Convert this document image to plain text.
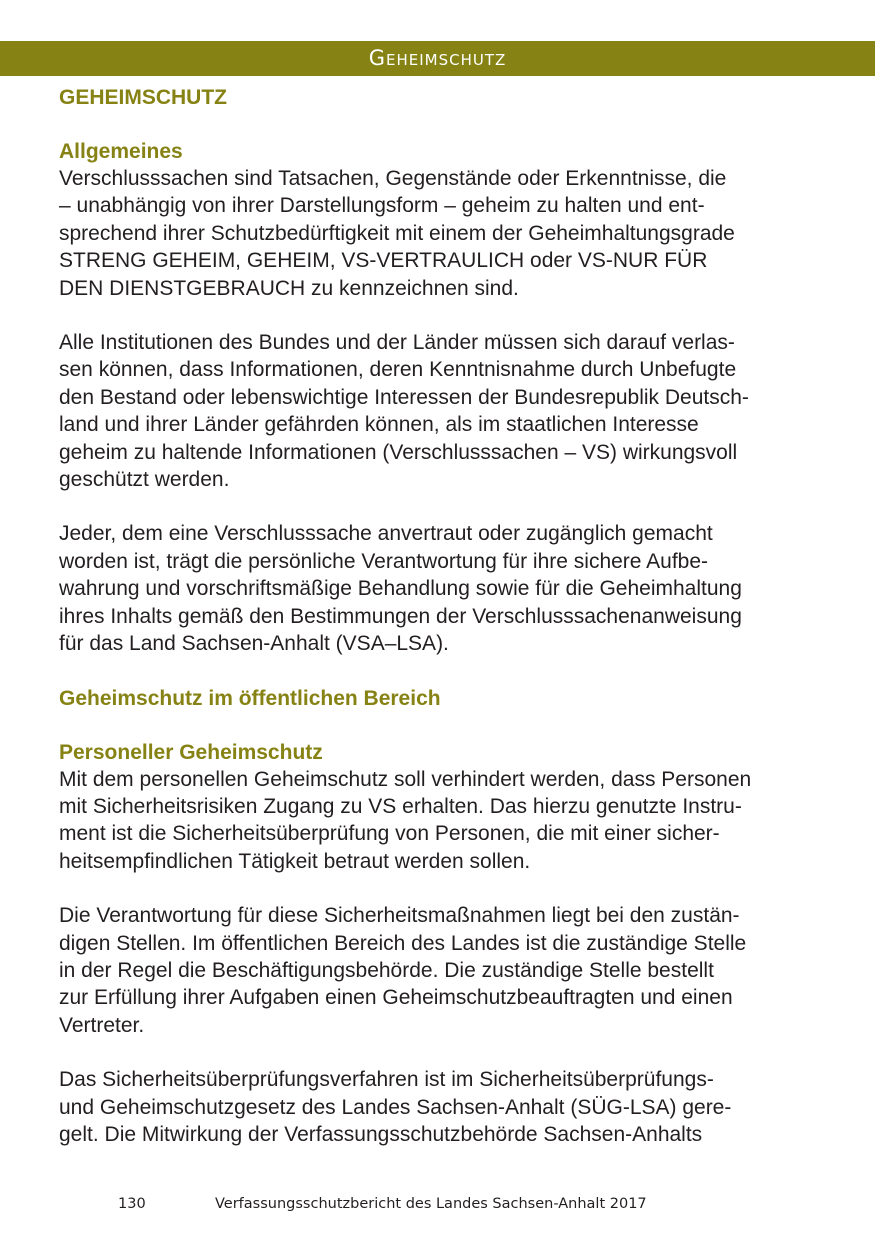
Geheimschutz
GEHEIMSCHUTZ
Allgemeines

Verschlusssachen sind Tatsachen, Gegenstände oder Erkenntnisse, die
– unabhängig von ihrer Darstellungsform – geheim zu halten und ent-
sprechend ihrer Schutzbedürftigkeit mit einem der Geheimhaltungsgrade
STRENG GEHEIM, GEHEIM, VS-VERTRAULICH oder VS-NUR FÜR
DEN DIENSTGEBRAUCH zu kennzeichnen sind.

Alle Institutionen des Bundes und der Länder müssen sich darauf verlas-
sen können, dass Informationen, deren Kenntnisnahme durch Unbefugte
den Bestand oder lebenswichtige Interessen der Bundesrepublik Deutsch-
land und ihrer Länder gefährden können, als im staatlichen Interesse
geheim zu haltende Informationen (Verschlusssachen – VS) wirkungsvoll
geschützt werden.

Jeder, dem eine Verschlusssache anvertraut oder zugänglich gemacht
worden ist, trägt die persönliche Verantwortung für ihre sichere Aufbe-
wahrung und vorschriftsmäßige Behandlung sowie für die Geheimhaltung
ihres Inhalts gemäß den Bestimmungen der Verschlusssachenanweisung
für das Land Sachsen-Anhalt (VSA–LSA).

Geheimschutz im öffentlichen Bereich
Personeller Geheimschutz

Mit dem personellen Geheimschutz soll verhindert werden, dass Personen
mit Sicherheitsrisiken Zugang zu VS erhalten. Das hierzu genutzte Instru-
ment ist die Sicherheitsüberprüfung von Personen, die mit einer sicher-
heitsempfindlichen Tätigkeit betraut werden sollen.

Die Verantwortung für diese Sicherheitsmaßnahmen liegt bei den zustän-
digen Stellen. Im öffentlichen Bereich des Landes ist die zuständige Stelle
in der Regel die Beschäftigungsbehörde. Die zuständige Stelle bestellt
zur Erfüllung ihrer Aufgaben einen Geheimschutzbeauftragten und einen
Vertreter.

Das Sicherheitsüberprüfungsverfahren ist im Sicherheitsüberprüfungs-
und Geheimschutzgesetz des Landes Sachsen-Anhalt (SÜG-LSA) gere-
gelt. Die Mitwirkung der Verfassungsschutzbehörde Sachsen-Anhalts

130	Verfassungsschutzbericht des Landes Sachsen-Anhalt 2017
